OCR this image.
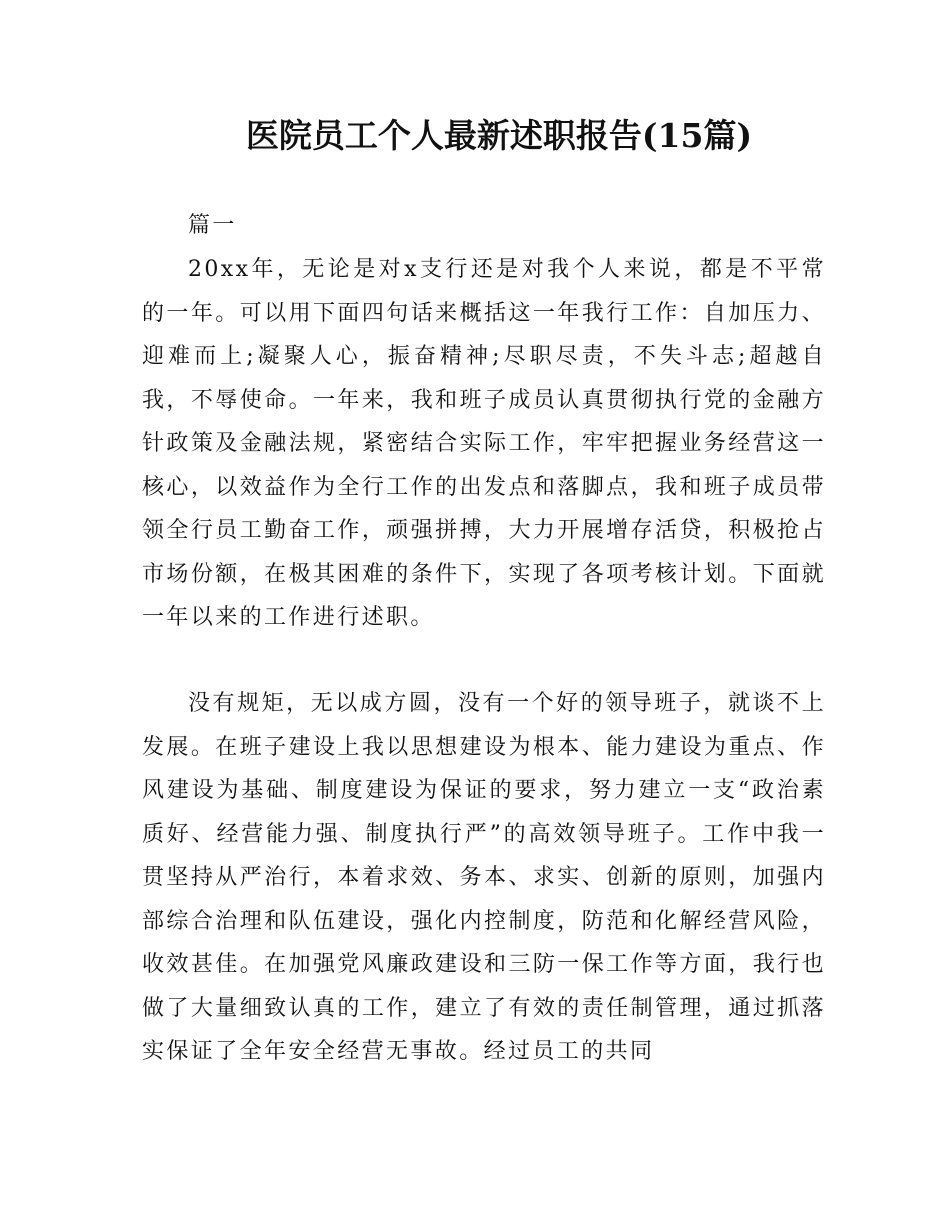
医院员工个人最新述职报告(15篇)

篇一

20xx年，无论是对x支行还是对我个人来说，都是不平常的一年。可以用下面四句话来概括这一年我行工作：自加压力、迎难而上;凝聚人心，振奋精神;尽职尽责，不失斗志;超越自我，不辱使命。一年来，我和班子成员认真贯彻执行党的金融方针政策及金融法规，紧密结合实际工作，牢牢把握业务经营这一核心，以效益作为全行工作的出发点和落脚点，我和班子成员带领全行员工勤奋工作，顽强拼搏，大力开展增存活贷，积极抢占市场份额，在极其困难的条件下，实现了各项考核计划。下面就一年以来的工作进行述职。

没有规矩，无以成方圆，没有一个好的领导班子，就谈不上发展。在班子建设上我以思想建设为根本、能力建设为重点、作风建设为基础、制度建设为保证的要求，努力建立一支“政治素质好、经营能力强、制度执行严”的高效领导班子。工作中我一贯坚持从严治行，本着求效、务本、求实、创新的原则，加强内部综合治理和队伍建设，强化内控制度，防范和化解经营风险，收效甚佳。在加强党风廉政建设和三防一保工作等方面，我行也做了大量细致认真的工作，建立了有效的责任制管理，通过抓落实保证了全年安全经营无事故。经过员工的共同
